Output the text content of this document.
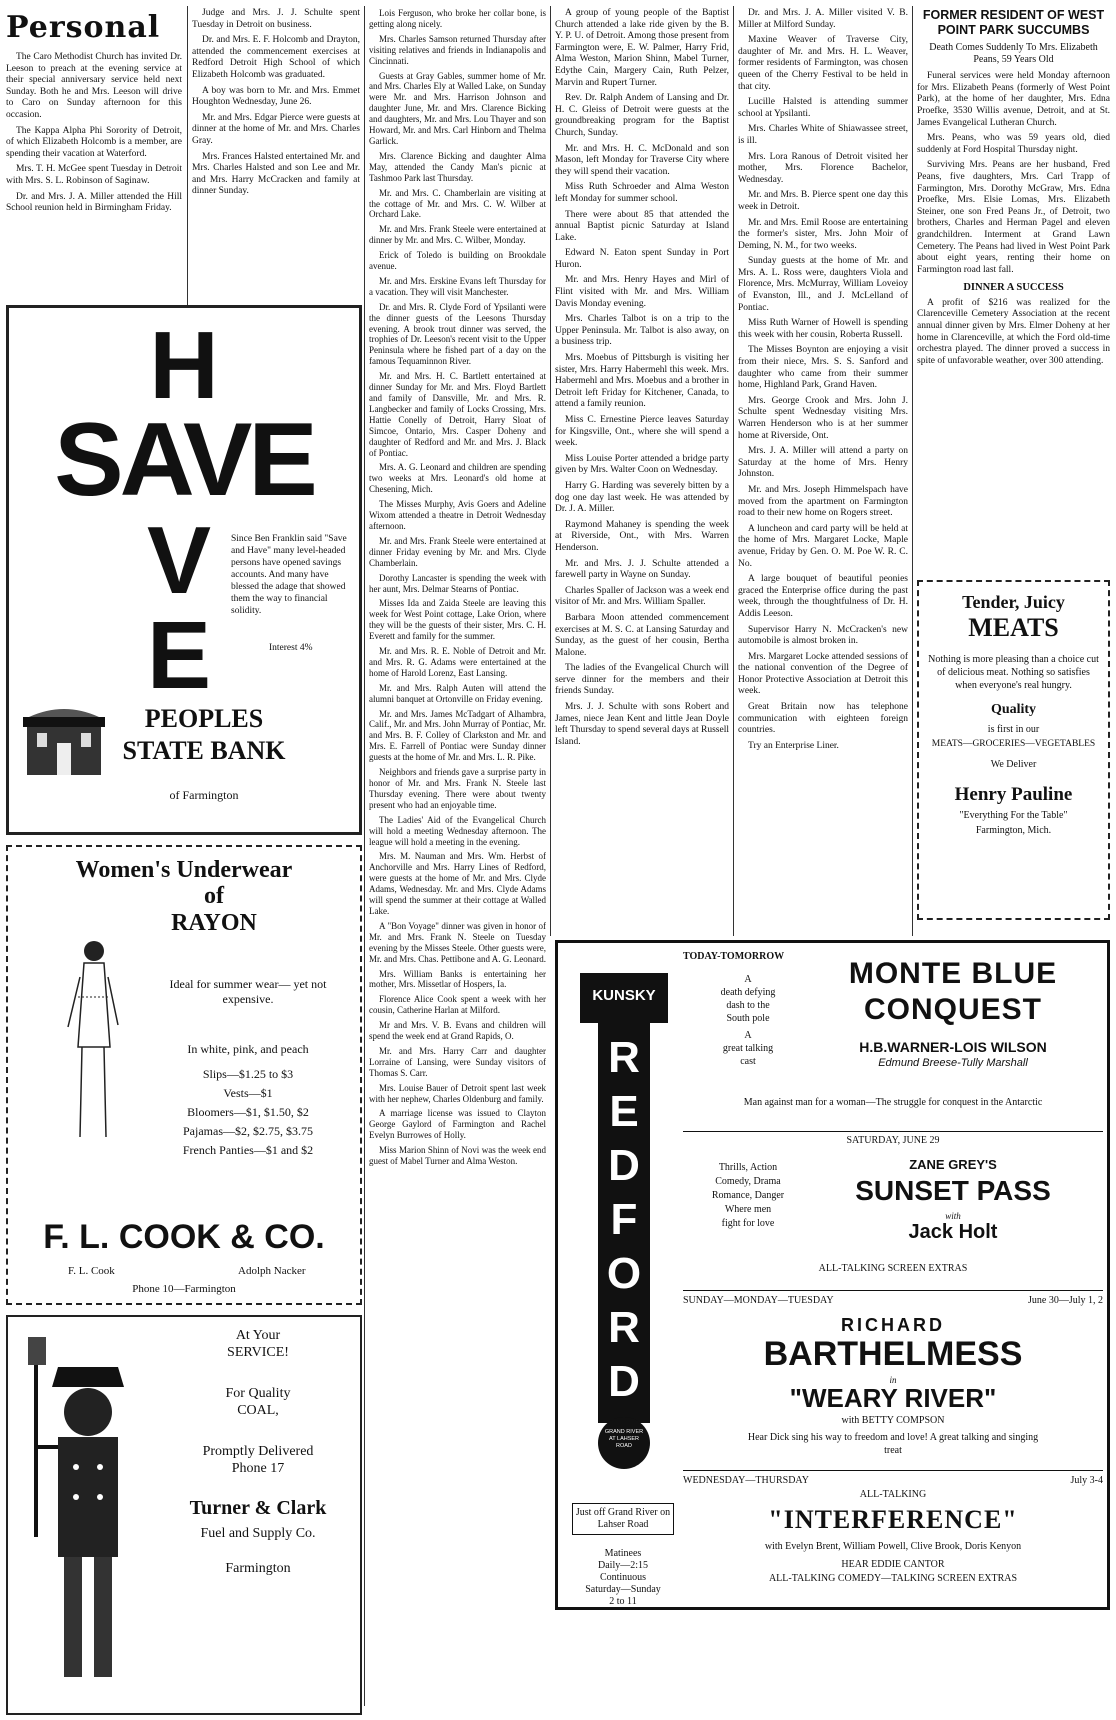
Personal

The Caro Methodist Church has invited Dr. Leeson to preach at the evening service at their special anniversary service held next Sunday. Both he and Mrs. Leeson will drive to Caro on Sunday afternoon for this occasion.

The Kappa Alpha Phi Sorority of Detroit, of which Elizabeth Holcomb is a member, are spending their vacation at Waterford.

Mrs. T. H. McGee spent Tuesday in Detroit with Mrs. S. L. Robinson of Saginaw.

Dr. and Mrs. J. A. Miller attended the Hill School reunion held in Birmingham Friday.

Judge and Mrs. J. J. Schulte spent Tuesday in Detroit on business.

Dr. and Mrs. E. F. Holcomb and Drayton, attended the commencement exercises at Redford Detroit High School of which Elizabeth Holcomb was graduated.

A boy was born to Mr. and Mrs. Emmet Houghton Wednesday, June 26.

Mr. and Mrs. Edgar Pierce were guests at dinner at the home of Mr. and Mrs. Charles Gray.

Mrs. Frances Halsted entertained Mr. and Mrs. Charles Halsted and son Lee and Mr. and Mrs. Harry McCracken and family at dinner Sunday.

H
SAVE
V
E
Since Ben Franklin said "Save and Have" many level-headed persons have opened savings accounts. And many have blessed the adage that showed them the way to financial solidity.
Interest 4%
PEOPLES STATE BANK
of Farmington
Women's Underwear
of
RAYON
Ideal for summer wear— yet not expensive.
In white, pink, and peach
Slips—$1.25 to $3
Vests—$1
Bloomers—$1, $1.50, $2
Pajamas—$2, $2.75, $3.75
French Panties—$1 and $2
F. L. COOK & CO.
F. L. Cook	Adolph Nacker
Phone 10—Farmington
At Your
SERVICE!
For Quality
COAL,
Promptly Delivered
Phone 17
Turner & Clark
Fuel and Supply Co.
Farmington

Lois Ferguson, who broke her collar bone, is getting along nicely.

Mrs. Charles Samson returned Thursday after visiting relatives and friends in Indianapolis and Cincinnati.

Guests at Gray Gables, summer home of Mr. and Mrs. Charles Ely at Walled Lake, on Sunday were Mr. and Mrs. Harrison Johnson and daughter June, Mr. and Mrs. Clarence Bicking and daughters, Mr. and Mrs. Lou Thayer and son Howard, Mr. and Mrs. Carl Hinborn and Thelma Garlick.

Mrs. Clarence Bicking and daughter Alma May, attended the Candy Man's picnic at Tashmoo Park last Thursday.

Mr. and Mrs. C. Chamberlain are visiting at the cottage of Mr. and Mrs. C. W. Wilber at Orchard Lake.

Mr. and Mrs. Frank Steele were entertained at dinner by Mr. and Mrs. C. Wilber, Monday.

Erick of Toledo is building on Brookdale avenue.

Mr. and Mrs. Erskine Evans left Thursday for a vacation. They will visit Manchester.

Dr. and Mrs. R. Clyde Ford of Ypsilanti were the dinner guests of the Leesons Thursday evening. A brook trout dinner was served, the trophies of Dr. Leeson's recent visit to the Upper Peninsula where he fished part of a day on the famous Tequaminnon River.

Mr. and Mrs. H. C. Bartlett entertained at dinner Sunday for Mr. and Mrs. Floyd Bartlett and family of Dansville, Mr. and Mrs. R. Langbecker and family of Locks Crossing, Mrs. Hattie Conelly of Detroit, Harry Sloat of Simcoe, Ontario, Mrs. Casper Doheny and daughter of Redford and Mr. and Mrs. J. Black of Pontiac.

Mrs. A. G. Leonard and children are spending two weeks at Mrs. Leonard's old home at Chesening, Mich.

The Misses Murphy, Avis Goers and Adeline Wixom attended a theatre in Detroit Wednesday afternoon.

Mr. and Mrs. Frank Steele were entertained at dinner Friday evening by Mr. and Mrs. Clyde Chamberlain.

Dorothy Lancaster is spending the week with her aunt, Mrs. Delmar Stearns of Pontiac.

Misses Ida and Zaida Steele are leaving this week for West Point cottage, Lake Orion, where they will be the guests of their sister, Mrs. C. H. Everett and family for the summer.

Mr. and Mrs. R. E. Noble of Detroit and Mr. and Mrs. R. G. Adams were entertained at the home of Harold Lorenz, East Lansing.

Mr. and Mrs. Ralph Auten will attend the alumni banquet at Ortonville on Friday evening.

Mr. and Mrs. James McTadgart of Alhambra, Calif., Mr. and Mrs. John Murray of Pontiac, Mr. and Mrs. B. F. Colley of Clarkston and Mr. and Mrs. E. Farrell of Pontiac were Sunday dinner guests at the home of Mr. and Mrs. L. R. Pike.

Neighbors and friends gave a surprise party in honor of Mr. and Mrs. Frank N. Steele last Thursday evening. There were about twenty present who had an enjoyable time.

The Ladies' Aid of the Evangelical Church will hold a meeting Wednesday afternoon. The league will hold a meeting in the evening.

Mrs. M. Nauman and Mrs. Wm. Herbst of Anchorville and Mrs. Harry Lines of Redford, were guests at the home of Mr. and Mrs. Clyde Adams, Wednesday. Mr. and Mrs. Clyde Adams will spend the summer at their cottage at Walled Lake.

A "Bon Voyage" dinner was given in honor of Mr. and Mrs. Frank N. Steele on Tuesday evening by the Misses Steele. Other guests were, Mr. and Mrs. Chas. Pettibone and A. G. Leonard.

Mrs. William Banks is entertaining her mother, Mrs. Missetlar of Hospers, Ia.

Florence Alice Cook spent a week with her cousin, Catherine Harlan at Milford.

Mr and Mrs. V. B. Evans and children will spend the week end at Grand Rapids, O.

Mr. and Mrs. Harry Carr and daughter Lorraine of Lansing, were Sunday visitors of Thomas S. Carr.

Mrs. Louise Bauer of Detroit spent last week with her nephew, Charles Oldenburg and family.

A marriage license was issued to Clayton George Gaylord of Farmington and Rachel Evelyn Burrowes of Holly.

Miss Marion Shinn of Novi was the week end guest of Mabel Turner and Alma Weston.

A group of young people of the Baptist Church attended a lake ride given by the B. Y. P. U. of Detroit. Among those present from Farmington were, E. W. Palmer, Harry Frid, Alma Weston, Marion Shinn, Mabel Turner, Edythe Cain, Margery Cain, Ruth Pelzer, Marvin and Rupert Turner.

Rev. Dr. Ralph Andem of Lansing and Dr. H. C. Gleiss of Detroit were guests at the groundbreaking program for the Baptist Church, Sunday.

Mr. and Mrs. H. C. McDonald and son Mason, left Monday for Traverse City where they will spend their vacation.

Miss Ruth Schroeder and Alma Weston left Monday for summer school.

There were about 85 that attended the annual Baptist picnic Saturday at Island Lake.

Edward N. Eaton spent Sunday in Port Huron.

Mr. and Mrs. Henry Hayes and Mirl of Flint visited with Mr. and Mrs. William Davis Monday evening.

Mrs. Charles Talbot is on a trip to the Upper Peninsula. Mr. Talbot is also away, on a business trip.

Mrs. Moebus of Pittsburgh is visiting her sister, Mrs. Harry Habermehl this week. Mrs. Habermehl and Mrs. Moebus and a brother in Detroit left Friday for Kitchener, Canada, to attend a family reunion.

Miss C. Ernestine Pierce leaves Saturday for Kingsville, Ont., where she will spend a week.

Miss Louise Porter attended a bridge party given by Mrs. Walter Coon on Wednesday.

Harry G. Harding was severely bitten by a dog one day last week. He was attended by Dr. J. A. Miller.

Raymond Mahaney is spending the week at Riverside, Ont., with Mrs. Warren Henderson.

Mr. and Mrs. J. J. Schulte attended a farewell party in Wayne on Sunday.

Charles Spaller of Jackson was a week end visitor of Mr. and Mrs. William Spaller.

Barbara Moon attended commencement exercises at M. S. C. at Lansing Saturday and Sunday, as the guest of her cousin, Bertha Malone.

The ladies of the Evangelical Church will serve dinner for the members and their friends Sunday.

Mrs. J. J. Schulte with sons Robert and James, niece Jean Kent and little Jean Doyle left Thursday to spend several days at Russell Island.

Dr. and Mrs. J. A. Miller visited V. B. Miller at Milford Sunday.

Maxine Weaver of Traverse City, daughter of Mr. and Mrs. H. L. Weaver, former residents of Farmington, was chosen queen of the Cherry Festival to be held in that city.

Lucille Halsted is attending summer school at Ypsilanti.

Mrs. Charles White of Shiawassee street, is ill.

Mrs. Lora Ranous of Detroit visited her mother, Mrs. Florence Bachelor, Wednesday.

Mr. and Mrs. B. Pierce spent one day this week in Detroit.

Mr. and Mrs. Emil Roose are entertaining the former's sister, Mrs. John Moir of Deming, N. M., for two weeks.

Sunday guests at the home of Mr. and Mrs. A. L. Ross were, daughters Viola and Florence, Mrs. McMurray, William Loveioy of Evanston, Ill., and J. McLelland of Pontiac.

Miss Ruth Warner of Howell is spending this week with her cousin, Roberta Russell.

The Misses Boynton are enjoying a visit from their niece, Mrs. S. S. Sanford and daughter who came from their summer home, Highland Park, Grand Haven.

Mrs. George Crook and Mrs. John J. Schulte spent Wednesday visiting Mrs. Warren Henderson who is at her summer home at Riverside, Ont.

Mrs. J. A. Miller will attend a party on Saturday at the home of Mrs. Henry Johnston.

Mr. and Mrs. Joseph Himmelspach have moved from the apartment on Farmington road to their new home on Rogers street.

A luncheon and card party will be held at the home of Mrs. Margaret Locke, Maple avenue, Friday by Gen. O. M. Poe W. R. C. No.

A large bouquet of beautiful peonies graced the Enterprise office during the past week, through the thoughtfulness of Dr. H. Addis Leeson.

Supervisor Harry N. McCracken's new automobile is almost broken in.

Mrs. Margaret Locke attended sessions of the national convention of the Degree of Honor Protective Association at Detroit this week.

Great Britain now has telephone communication with eighteen foreign countries.

Try an Enterprise Liner.

FORMER RESIDENT OF WEST POINT PARK SUCCUMBS
Death Comes Suddenly To Mrs. Elizabeth Peans, 59 Years Old

Funeral services were held Monday afternoon for Mrs. Elizabeth Peans (formerly of West Point Park), at the home of her daughter, Mrs. Edna Proefke, 3530 Willis avenue, Detroit, and at St. James Evangelical Lutheran Church.

Mrs. Peans, who was 59 years old, died suddenly at Ford Hospital Thursday night.

Surviving Mrs. Peans are her husband, Fred Peans, five daughters, Mrs. Carl Trapp of Farmington, Mrs. Dorothy McGraw, Mrs. Edna Proefke, Mrs. Elsie Lomas, Mrs. Elizabeth Steiner, one son Fred Peans Jr., of Detroit, two brothers, Charles and Herman Pagel and eleven grandchildren. Interment at Grand Lawn Cemetery. The Peans had lived in West Point Park about eight years, renting their home on Farmington road last fall.

DINNER A SUCCESS

A profit of $216 was realized for the Clarenceville Cemetery Association at the recent annual dinner given by Mrs. Elmer Doheny at her home in Clarenceville, at which the Ford old-time orchestra played. The dinner proved a success in spite of unfavorable weather, over 300 attending.

Tender, Juicy
MEATS
Nothing is more pleasing than a choice cut of delicious meat. Nothing so satisfies when everyone's real hungry.
Quality
is first in our
MEATS—GROCERIES—VEGETABLES
We Deliver
Henry Pauline
"Everything For the Table"
Farmington, Mich.
KUNSKY
R
E
D
F
O
R
D
GRAND RIVER AT LAHSER ROAD
Just off Grand River on Lahser Road
Matinees
Daily—2:15
Continuous
Saturday—Sunday
2 to 11
TODAY-TOMORROW
A
death defying
dash to the
South pole
A
great talking
cast
MONTE BLUE
CONQUEST
H.B.WARNER-LOIS WILSON
Edmund Breese-Tully Marshall
Man against man for a woman—The struggle for conquest in the Antarctic
SATURDAY, JUNE 29
Thrills, Action
Comedy, Drama
Romance, Danger
Where men
fight for love
ZANE GREY'S
SUNSET PASS
with
Jack Holt
ALL-TALKING SCREEN EXTRAS
SUNDAY—MONDAY—TUESDAY	June 30—July 1, 2
RICHARD
BARTHELMESS
in
"WEARY RIVER"
with BETTY COMPSON
Hear Dick sing his way to freedom and love! A great talking and singing treat
WEDNESDAY—THURSDAY	July 3-4
ALL-TALKING
"INTERFERENCE"
with Evelyn Brent, William Powell, Clive Brook, Doris Kenyon
HEAR EDDIE CANTOR
ALL-TALKING COMEDY—TALKING SCREEN EXTRAS
